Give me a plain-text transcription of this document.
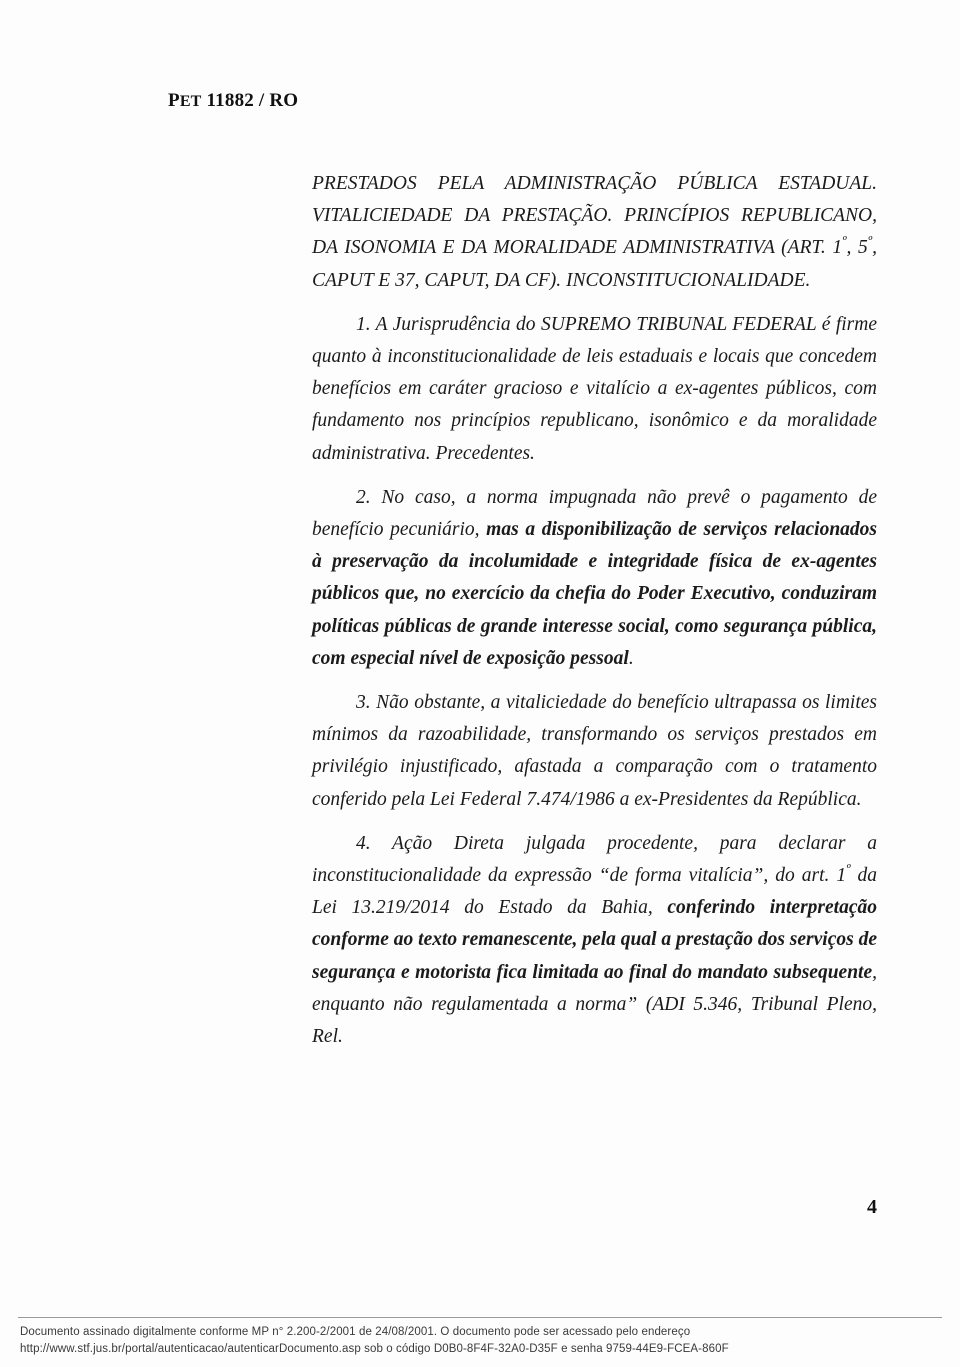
PET 11882 / RO

PRESTADOS PELA ADMINISTRAÇÃO PÚBLICA ESTADUAL. VITALICIEDADE DA PRESTAÇÃO. PRINCÍPIOS REPUBLICANO, DA ISONOMIA E DA MORALIDADE ADMINISTRATIVA (ART. $1^º$, $5^º$, CAPUT E 37, CAPUT, DA CF). INCONSTITUCIONALIDADE.

1. A Jurisprudência do SUPREMO TRIBUNAL FEDERAL é firme quanto à inconstitucionalidade de leis estaduais e locais que concedem benefícios em caráter gracioso e vitalício a ex-agentes públicos, com fundamento nos princípios republicano, isonômico e da moralidade administrativa. Precedentes.

2. No caso, a norma impugnada não prevê o pagamento de benefício pecuniário, mas a disponibilização de serviços relacionados à preservação da incolumidade e integridade física de ex-agentes públicos que, no exercício da chefia do Poder Executivo, conduziram políticas públicas de grande interesse social, como segurança pública, com especial nível de exposição pessoal.

3. Não obstante, a vitaliciedade do benefício ultrapassa os limites mínimos da razoabilidade, transformando os serviços prestados em privilégio injustificado, afastada a comparação com o tratamento conferido pela Lei Federal 7.474/1986 a ex-Presidentes da República.

4. Ação Direta julgada procedente, para declarar a inconstitucionalidade da expressão “de forma vitalícia”, do art. $1^º$ da Lei 13.219/2014 do Estado da Bahia, conferindo interpretação conforme ao texto remanescente, pela qual a prestação dos serviços de segurança e motorista fica limitada ao final do mandato subsequente, enquanto não regulamentada a norma” (ADI 5.346, Tribunal Pleno, Rel.

4
Documento assinado digitalmente conforme MP n° 2.200-2/2001 de 24/08/2001. O documento pode ser acessado pelo endereço
http://www.stf.jus.br/portal/autenticacao/autenticarDocumento.asp sob o código D0B0-8F4F-32A0-D35F e senha 9759-44E9-FCEA-860F
